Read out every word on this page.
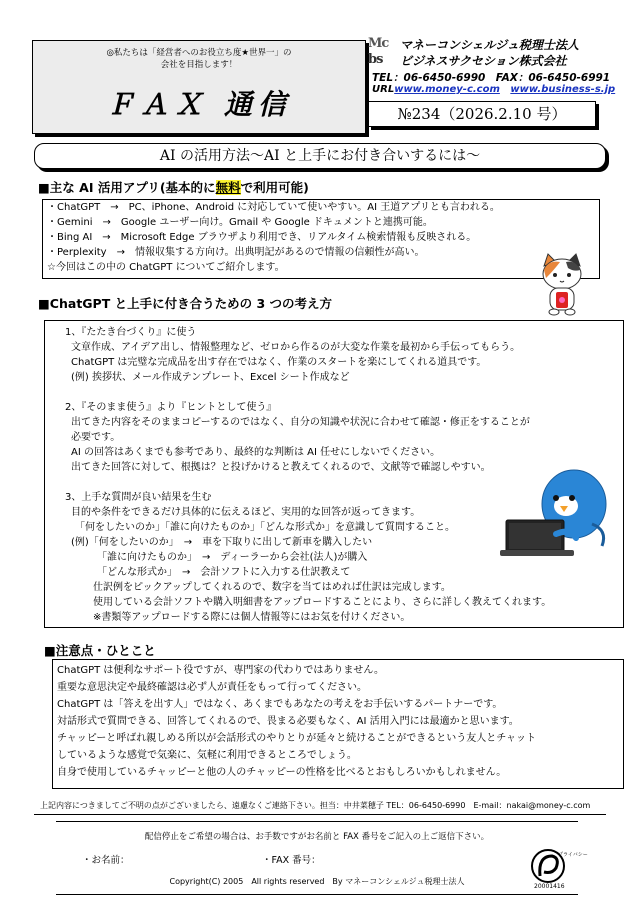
◎私たちは「経営者へのお役立ち度★世界一」の
会社を目指します！
ＦＡＸ 通信
Mc
bs
マネーコンシェルジュ税理士法人
ビジネスサクセション株式会社
TEL：06-6450-6990　FAX：06-6450-6991
URLwww.money-c.com www.business-s.jp
№234（2026.2.10 号）
AI の活用方法～AI と上手にお付き合いするには～
■主な AI 活用アプリ(基本的に無料で利用可能)
・ChatGPT　→　PC、iPhone、Android に対応していて使いやすい。AI 王道アプリとも言われる。
・Gemini　→　Google ユーザー向け。Gmail や Google ドキュメントと連携可能。
・Bing AI　→　Microsoft Edge ブラウザより利用でき、リアルタイム検索情報も反映される。
・Perplexity　→　情報収集する方向け。出典明記があるので情報の信頼性が高い。
☆今回はこの中の ChatGPT についてご紹介します。
■ChatGPT と上手に付き合うための 3 つの考え方
1、『たたき台づくり』に使う
文章作成、アイデア出し、情報整理など、ゼロから作るのが大変な作業を最初から手伝ってもらう。
ChatGPT は完璧な完成品を出す存在ではなく、作業のスタートを楽にしてくれる道具です。
(例) 挨拶状、メール作成テンプレート、Excel シート作成など
2、『そのまま使う』より『ヒントとして使う』
出てきた内容をそのままコピーするのではなく、自分の知識や状況に合わせて確認・修正をすることが
必要です。
AI の回答はあくまでも参考であり、最終的な判断は AI 任せにしないでください。
出てきた回答に対して、根拠は？と投げかけると教えてくれるので、文献等で確認しやすい。
3、上手な質問が良い結果を生む
目的や条件をできるだけ具体的に伝えるほど、実用的な回答が返ってきます。
「何をしたいのか」「誰に向けたものか」「どんな形式か」を意識して質問すること。
(例)「何をしたいのか」　→　車を下取りに出して新車を購入したい
「誰に向けたものか」　→　ディーラーから会社(法人)が購入
「どんな形式か」　→　会計ソフトに入力する仕訳教えて
仕訳例をピックアップしてくれるので、数字を当てはめれば仕訳は完成します。
使用している会計ソフトや購入明細書をアップロードすることにより、さらに詳しく教えてくれます。
※書類等アップロードする際には個人情報等にはお気を付けください。
■注意点・ひとこと
ChatGPT は便利なサポート役ですが、専門家の代わりではありません。
重要な意思決定や最終確認は必ず人が責任をもって行ってください。
ChatGPT は「答えを出す人」ではなく、あくまでもあなたの考えをお手伝いするパートナーです。
対話形式で質問できる、回答してくれるので、畏まる必要もなく、AI 活用入門には最適かと思います。
チャッピーと呼ばれ親しめる所以が会話形式のやりとりが延々と続けることができるという友人とチャット
しているような感覚で気楽に、気軽に利用できるところでしょう。
自身で使用しているチャッピーと他の人のチャッピーの性格を比べるとおもしろいかもしれません。
上記内容につきましてご不明の点がございましたら、遠慮なくご連絡下さい。担当：中井菜穂子 TEL：06-6450-6990　E-mail：nakai@money-c.com
配信停止をご希望の場合は、お手数ですがお名前と FAX 番号をご記入の上ご返信下さい。
・お名前：	・FAX 番号：
Copyright(C) 2005　All rights reserved　By マネーコンシェルジュ税理士法人
プライバシー
20001416
